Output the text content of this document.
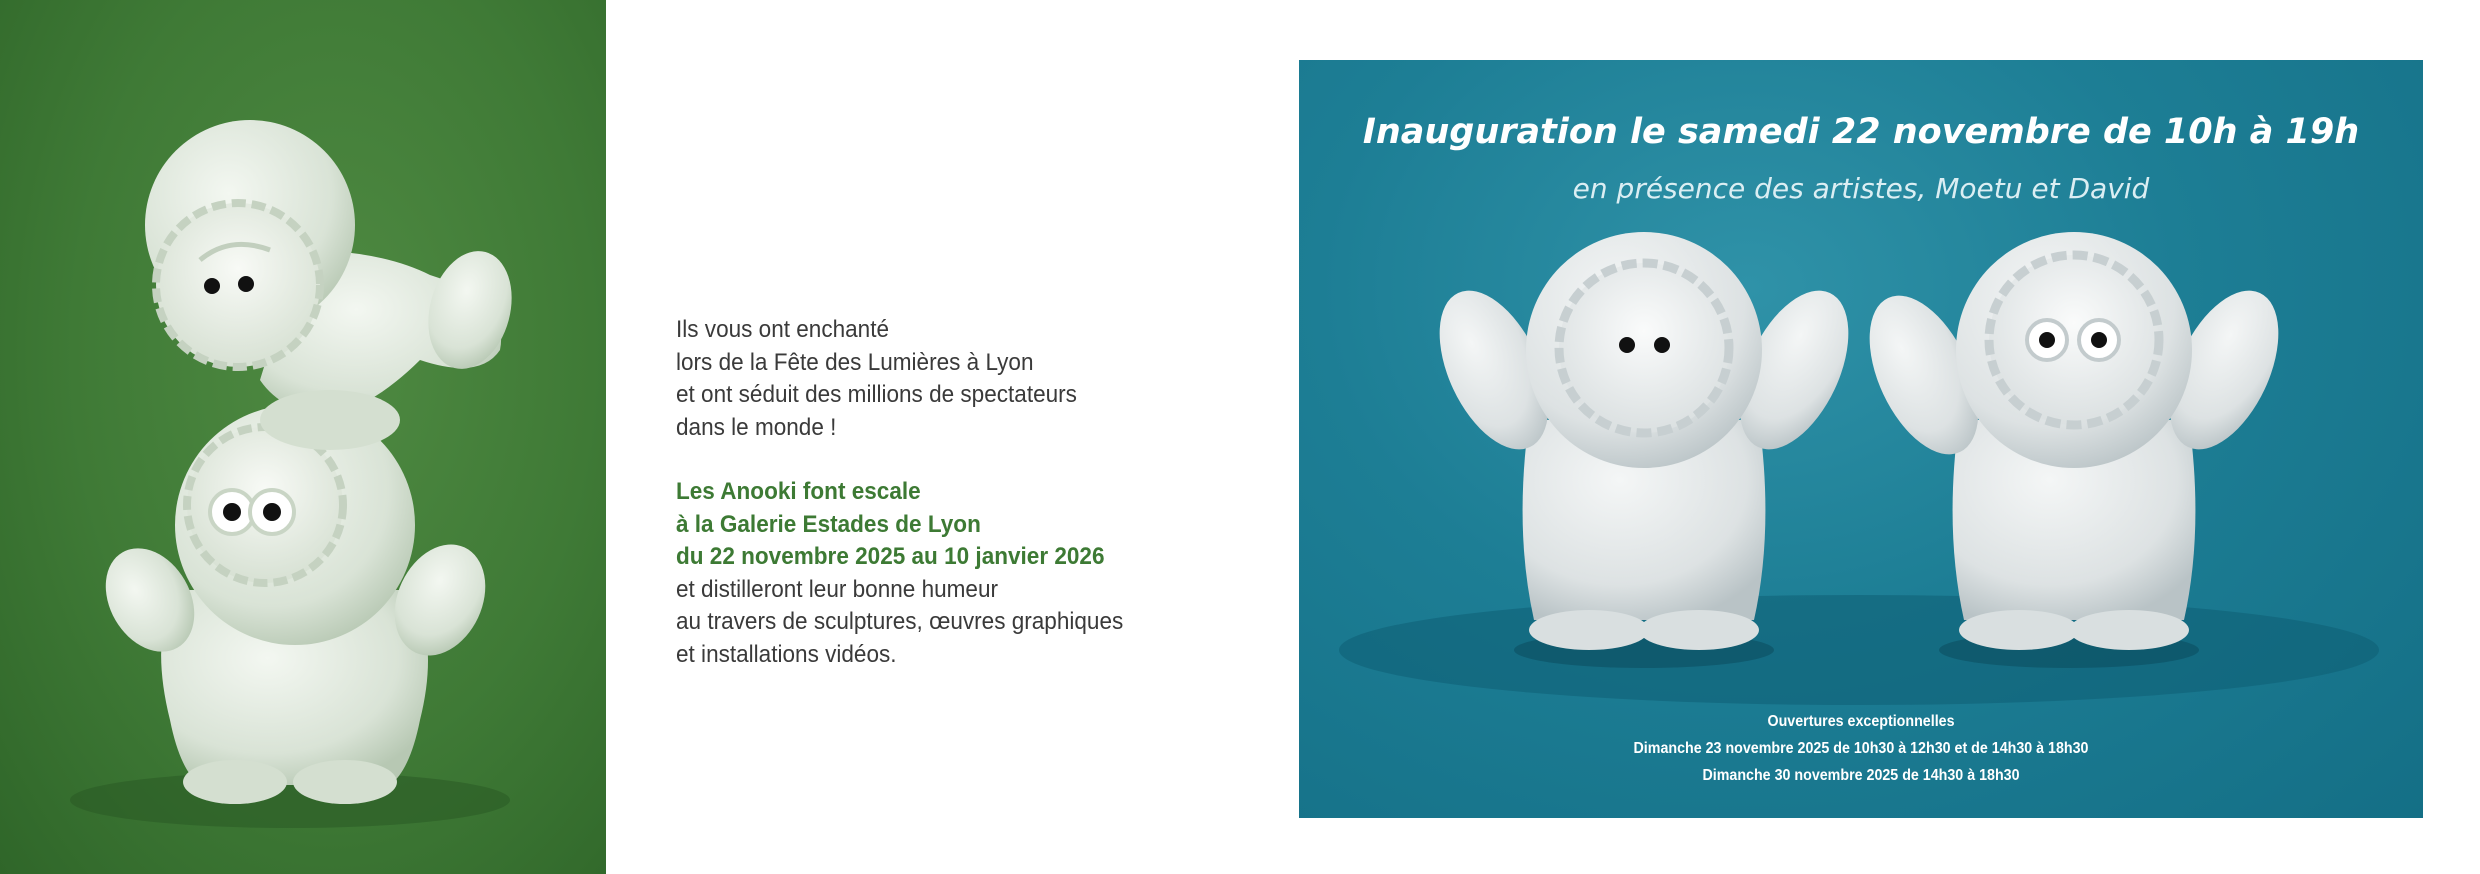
Ils vous ont enchanté

lors de la Fête des Lumières à Lyon

et ont séduit des millions de spectateurs

dans le monde !

Les Anooki font escale

à la Galerie Estades de Lyon

du 22 novembre 2025 au 10 janvier 2026

et distilleront leur bonne humeur

au travers de sculptures, œuvres graphiques

et installations vidéos.

Inauguration le samedi 22 novembre de 10h à 19h
en présence des artistes, Moetu et David
Ouvertures exceptionnelles
Dimanche 23 novembre 2025 de 10h30 à 12h30 et de 14h30 à 18h30
Dimanche 30 novembre 2025 de 14h30 à 18h30
